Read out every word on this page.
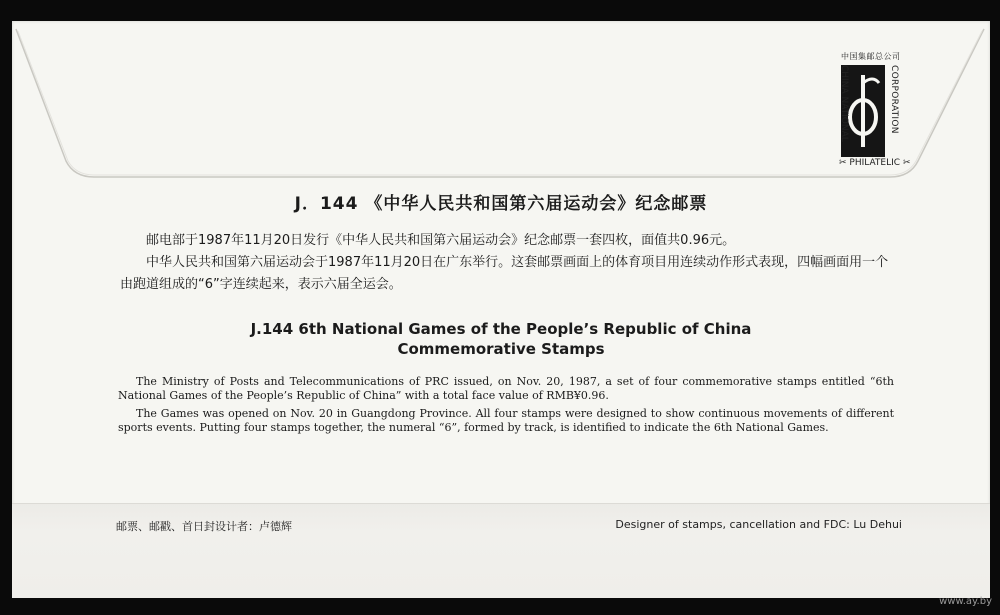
中国集邮总公司
CORPORATION
✂ PHILATELIC ✂
CHINA NATIONAL
J．144 《中华人民共和国第六届运动会》纪念邮票
邮电部于1987年11月20日发行《中华人民共和国第六届运动会》纪念邮票一套四枚，面值共0.96元。
中华人民共和国第六届运动会于1987年11月20日在广东举行。这套邮票画面上的体育项目用连续动作形式表现，四幅画面用一个由跑道组成的“6”字连续起来，表示六届全运会。
J.144 6th National Games of the People’s Republic of China
Commemorative Stamps
The Ministry of Posts and Telecommunications of PRC issued, on Nov. 20, 1987, a set of four commemorative stamps entitled “6th National Games of the People’s Republic of China” with a total face value of RMB¥0.96.
The Games was opened on Nov. 20 in Guangdong Province. All four stamps were designed to show continuous movements of different sports events. Putting four stamps together, the numeral “6”, formed by track, is identified to indicate the 6th National Games.
邮票、邮戳、首日封设计者：卢德辉	Designer of stamps, cancellation and FDC: Lu Dehui
www.ay.by
